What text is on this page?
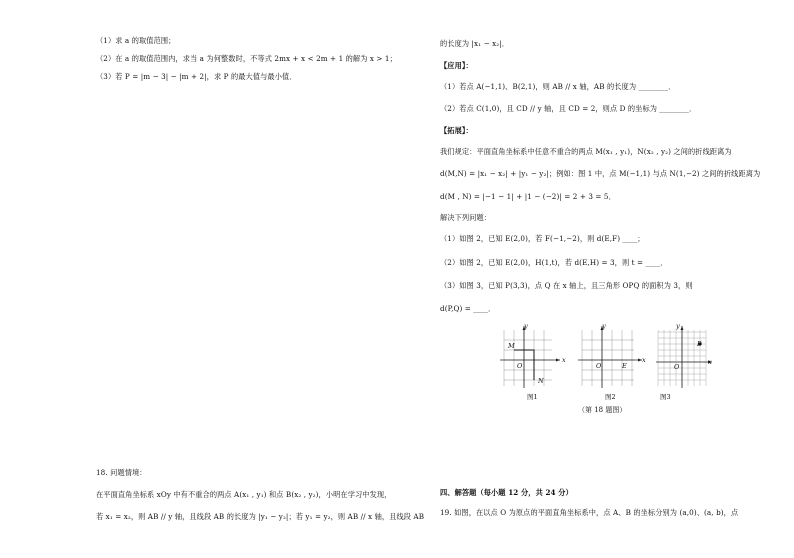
（1）求 a 的取值范围；
（2）在 a 的取值范围内，求当 a 为何整数时，不等式 2mx + x < 2m + 1 的解为 x > 1；
（3）若 P = |m − 3| − |m + 2|，求 P 的最大值与最小值．
18. 问题情境：
在平面直角坐标系 xOy 中有不重合的两点 A(x₁ , y₁) 和点 B(x₂ , y₂)，小明在学习中发现，
若 x₁ = x₂，则 AB // y 轴，且线段 AB 的长度为 |y₁ − y₂|；若 y₁ = y₂，则 AB // x 轴，且线段 AB
的长度为 |x₁ − x₂|．
【应用】：
（1）若点 A(−1,1)、B(2,1)，则 AB // x 轴，AB 的长度为 ________．
（2）若点 C(1,0)，且 CD // y 轴，且 CD = 2，则点 D 的坐标为 ________．
【拓展】：
我们规定：平面直角坐标系中任意不重合的两点 M(x₁ , y₁)，N(x₂ , y₂) 之间的折线距离为
d(M,N) = |x₁ − x₂| + |y₁ − y₂|；例如：图 1 中，点 M(−1,1) 与点 N(1,−2) 之间的折线距离为
d(M , N) = |−1 − 1| + |1 − (−2)| = 2 + 3 = 5．
解决下列问题：
（1）如图 2，已知 E(2,0)，若 F(−1,−2)，则 d(E,F) ____；
（2）如图 2，已知 E(2,0)，H(1,t)，若 d(E,H) = 3，则 t = ____．
（3）如图 3，已知 P(3,3)，点 Q 在 x 轴上，且三角形 OPQ 的面积为 3，则
d(P,Q) = ____．
y
x
O
M
N
图1
y
x
O	E
图2
y
x
O
P
图3
（第 18 题图）
四、解答题（每小题 12 分，共 24 分）
19. 如图，在以点 O 为原点的平面直角坐标系中，点 A、B 的坐标分别为 (a,0)、(a, b)，点
